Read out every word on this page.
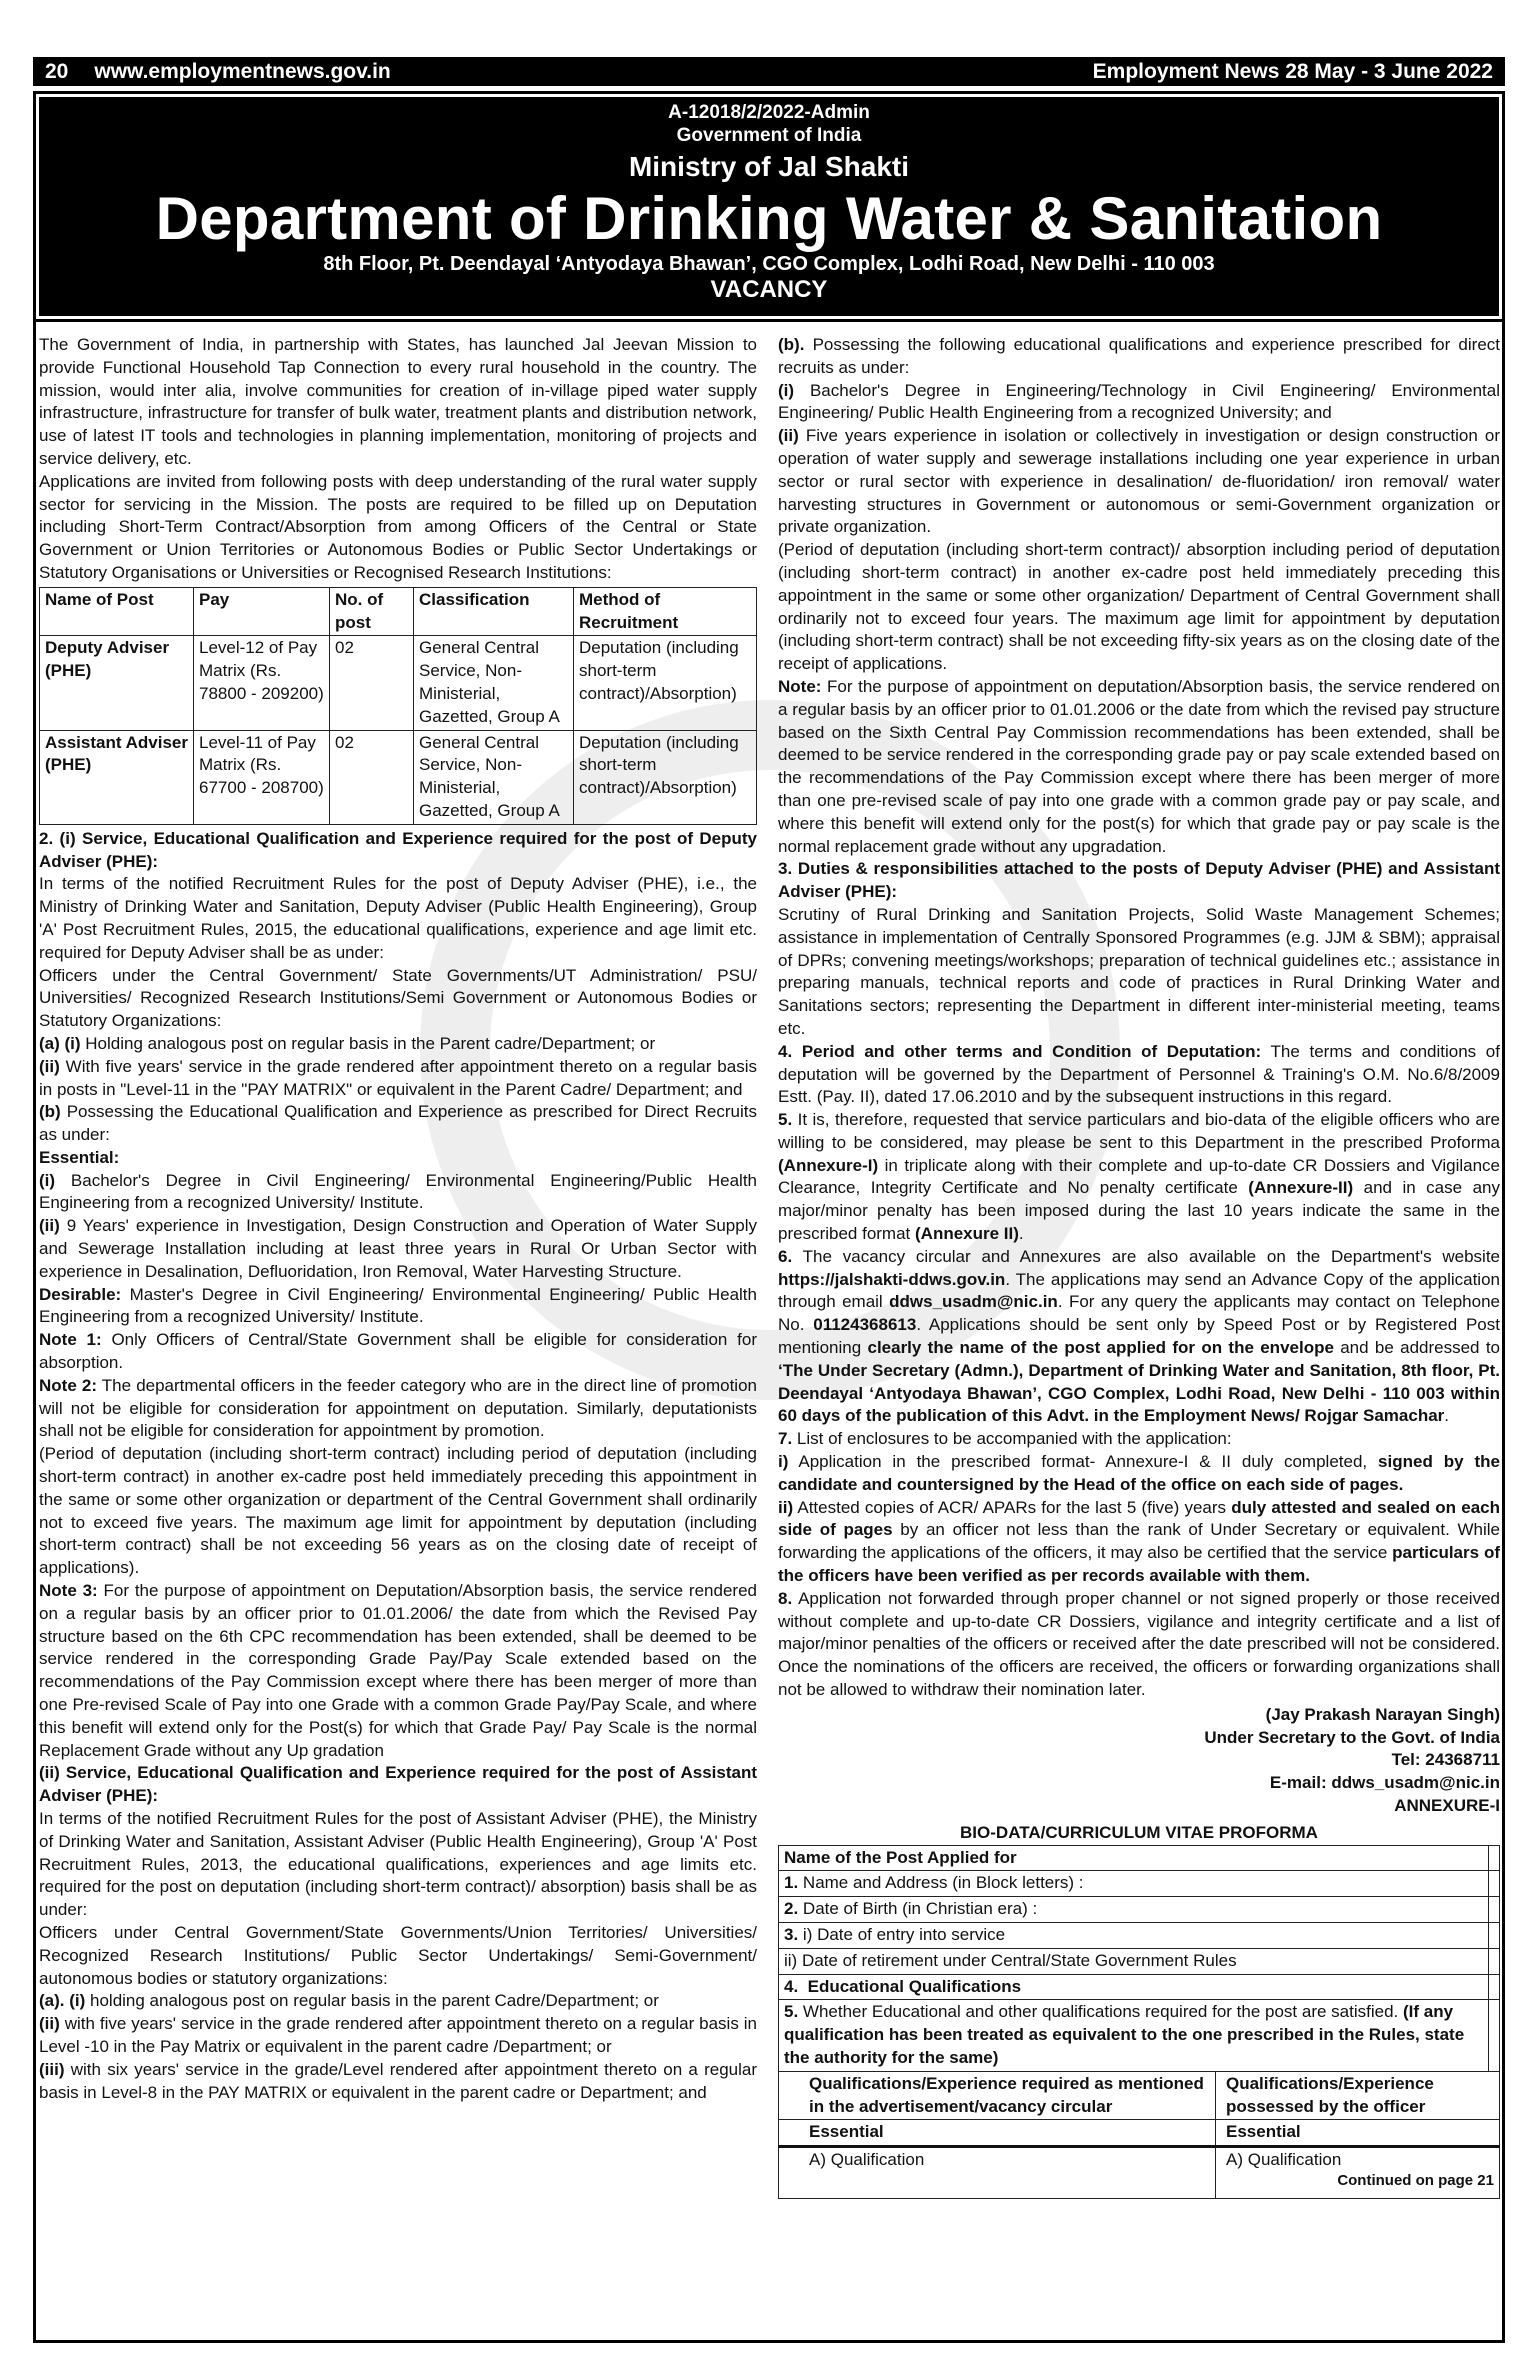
20 www.employmentnews.gov.in	Employment News 28 May - 3 June 2022
A-12018/2/2022-Admin
Government of India
Ministry of Jal Shakti
Department of Drinking Water & Sanitation
8th Floor, Pt. Deendayal ‘Antyodaya Bhawan’, CGO Complex, Lodhi Road, New Delhi - 110 003
VACANCY

The Government of India, in partnership with States, has launched Jal Jeevan Mission to provide Functional Household Tap Connection to every rural household in the country. The mission, would inter alia, involve communities for creation of in-village piped water supply infrastructure, infrastructure for transfer of bulk water, treatment plants and distribution network, use of latest IT tools and technologies in planning implementation, monitoring of projects and service delivery, etc.

Applications are invited from following posts with deep understanding of the rural water supply sector for servicing in the Mission. The posts are required to be filled up on Deputation including Short-Term Contract/Absorption from among Officers of the Central or State Government or Union Territories or Autonomous Bodies or Public Sector Undertakings or Statutory Organisations or Universities or Recognised Research Institutions:

Name of Post	Pay	No. of post	Classification	Method of Recruitment
Deputy Adviser (PHE)	Level-12 of Pay Matrix (Rs. 78800 - 209200)	02	General Central Service, Non-Ministerial, Gazetted, Group A	Deputation (including short-term contract)/Absorption)
Assistant Adviser (PHE)	Level-11 of Pay Matrix (Rs. 67700 - 208700)	02	General Central Service, Non-Ministerial, Gazetted, Group A	Deputation (including short-term contract)/Absorption)

2. (i) Service, Educational Qualification and Experience required for the post of Deputy Adviser (PHE):

In terms of the notified Recruitment Rules for the post of Deputy Adviser (PHE), i.e., the Ministry of Drinking Water and Sanitation, Deputy Adviser (Public Health Engineering), Group 'A' Post Recruitment Rules, 2015, the educational qualifications, experience and age limit etc. required for Deputy Adviser shall be as under:

Officers under the Central Government/ State Governments/UT Administration/ PSU/ Universities/ Recognized Research Institutions/Semi Government or Autonomous Bodies or Statutory Organizations:

(a) (i) Holding analogous post on regular basis in the Parent cadre/Department; or

(ii) With five years' service in the grade rendered after appointment thereto on a regular basis in posts in "Level-11 in the "PAY MATRIX" or equivalent in the Parent Cadre/ Department; and

(b) Possessing the Educational Qualification and Experience as prescribed for Direct Recruits as under:

Essential:

(i) Bachelor's Degree in Civil Engineering/ Environmental Engineering/Public Health Engineering from a recognized University/ Institute.

(ii) 9 Years' experience in Investigation, Design Construction and Operation of Water Supply and Sewerage Installation including at least three years in Rural Or Urban Sector with experience in Desalination, Defluoridation, Iron Removal, Water Harvesting Structure.

Desirable: Master's Degree in Civil Engineering/ Environmental Engineering/ Public Health Engineering from a recognized University/ Institute.

Note 1: Only Officers of Central/State Government shall be eligible for consideration for absorption.

Note 2: The departmental officers in the feeder category who are in the direct line of promotion will not be eligible for consideration for appointment on deputation. Similarly, deputationists shall not be eligible for consideration for appointment by promotion.

(Period of deputation (including short-term contract) including period of deputation (including short-term contract) in another ex-cadre post held immediately preceding this appointment in the same or some other organization or department of the Central Government shall ordinarily not to exceed five years. The maximum age limit for appointment by deputation (including short-term contract) shall be not exceeding 56 years as on the closing date of receipt of applications).

Note 3: For the purpose of appointment on Deputation/Absorption basis, the service rendered on a regular basis by an officer prior to 01.01.2006/ the date from which the Revised Pay structure based on the 6th CPC recommendation has been extended, shall be deemed to be service rendered in the corresponding Grade Pay/Pay Scale extended based on the recommendations of the Pay Commission except where there has been merger of more than one Pre-revised Scale of Pay into one Grade with a common Grade Pay/Pay Scale, and where this benefit will extend only for the Post(s) for which that Grade Pay/ Pay Scale is the normal Replacement Grade without any Up gradation

(ii) Service, Educational Qualification and Experience required for the post of Assistant Adviser (PHE):

In terms of the notified Recruitment Rules for the post of Assistant Adviser (PHE), the Ministry of Drinking Water and Sanitation, Assistant Adviser (Public Health Engineering), Group 'A' Post Recruitment Rules, 2013, the educational qualifications, experiences and age limits etc. required for the post on deputation (including short-term contract)/ absorption) basis shall be as under:

Officers under Central Government/State Governments/Union Territories/ Universities/ Recognized Research Institutions/ Public Sector Undertakings/ Semi-Government/ autonomous bodies or statutory organizations:

(a). (i) holding analogous post on regular basis in the parent Cadre/Department; or

(ii) with five years' service in the grade rendered after appointment thereto on a regular basis in Level -10 in the Pay Matrix or equivalent in the parent cadre /Department; or

(iii) with six years' service in the grade/Level rendered after appointment thereto on a regular basis in Level-8 in the PAY MATRIX or equivalent in the parent cadre or Department; and

(b). Possessing the following educational qualifications and experience prescribed for direct recruits as under:

(i) Bachelor's Degree in Engineering/Technology in Civil Engineering/ Environmental Engineering/ Public Health Engineering from a recognized University; and

(ii) Five years experience in isolation or collectively in investigation or design construction or operation of water supply and sewerage installations including one year experience in urban sector or rural sector with experience in desalination/ de-fluoridation/ iron removal/ water harvesting structures in Government or autonomous or semi-Government organization or private organization.

(Period of deputation (including short-term contract)/ absorption including period of deputation (including short-term contract) in another ex-cadre post held immediately preceding this appointment in the same or some other organization/ Department of Central Government shall ordinarily not to exceed four years. The maximum age limit for appointment by deputation (including short-term contract) shall be not exceeding fifty-six years as on the closing date of the receipt of applications.

Note: For the purpose of appointment on deputation/Absorption basis, the service rendered on a regular basis by an officer prior to 01.01.2006 or the date from which the revised pay structure based on the Sixth Central Pay Commission recommendations has been extended, shall be deemed to be service rendered in the corresponding grade pay or pay scale extended based on the recommendations of the Pay Commission except where there has been merger of more than one pre-revised scale of pay into one grade with a common grade pay or pay scale, and where this benefit will extend only for the post(s) for which that grade pay or pay scale is the normal replacement grade without any upgradation.

3. Duties & responsibilities attached to the posts of Deputy Adviser (PHE) and Assistant Adviser (PHE):

Scrutiny of Rural Drinking and Sanitation Projects, Solid Waste Management Schemes; assistance in implementation of Centrally Sponsored Programmes (e.g. JJM & SBM); appraisal of DPRs; convening meetings/workshops; preparation of technical guidelines etc.; assistance in preparing manuals, technical reports and code of practices in Rural Drinking Water and Sanitations sectors; representing the Department in different inter-ministerial meeting, teams etc.

4. Period and other terms and Condition of Deputation: The terms and conditions of deputation will be governed by the Department of Personnel & Training's O.M. No.6/8/2009 Estt. (Pay. II), dated 17.06.2010 and by the subsequent instructions in this regard.

5. It is, therefore, requested that service particulars and bio-data of the eligible officers who are willing to be considered, may please be sent to this Department in the prescribed Proforma (Annexure-I) in triplicate along with their complete and up-to-date CR Dossiers and Vigilance Clearance, Integrity Certificate and No penalty certificate (Annexure-II) and in case any major/minor penalty has been imposed during the last 10 years indicate the same in the prescribed format (Annexure II).

6. The vacancy circular and Annexures are also available on the Department's website https://jalshakti-ddws.gov.in. The applications may send an Advance Copy of the application through email ddws_usadm@nic.in. For any query the applicants may contact on Telephone No. 01124368613. Applications should be sent only by Speed Post or by Registered Post mentioning clearly the name of the post applied for on the envelope and be addressed to ‘The Under Secretary (Admn.), Department of Drinking Water and Sanitation, 8th floor, Pt. Deendayal ‘Antyodaya Bhawan’, CGO Complex, Lodhi Road, New Delhi - 110 003 within 60 days of the publication of this Advt. in the Employment News/ Rojgar Samachar.

7. List of enclosures to be accompanied with the application:

i) Application in the prescribed format- Annexure-I & II duly completed, signed by the candidate and countersigned by the Head of the office on each side of pages.

ii) Attested copies of ACR/ APARs for the last 5 (five) years duly attested and sealed on each side of pages by an officer not less than the rank of Under Secretary or equivalent. While forwarding the applications of the officers, it may also be certified that the service particulars of the officers have been verified as per records available with them.

8. Application not forwarded through proper channel or not signed properly or those received without complete and up-to-date CR Dossiers, vigilance and integrity certificate and a list of major/minor penalties of the officers or received after the date prescribed will not be considered. Once the nominations of the officers are received, the officers or forwarding organizations shall not be allowed to withdraw their nomination later.

(Jay Prakash Narayan Singh)
Under Secretary to the Govt. of India
Tel: 24368711
E-mail: ddws_usadm@nic.in
ANNEXURE-I
BIO-DATA/CURRICULUM VITAE PROFORMA
Name of the Post Applied for		
1. Name and Address (in Block letters) :		
2. Date of Birth (in Christian era) :		
3. i) Date of entry into service		
ii) Date of retirement under Central/State Government Rules		
4.  Educational Qualifications		
5. Whether Educational and other qualifications required for the post are satisfied. (If any qualification has been treated as equivalent to the one prescribed in the Rules, state the authority for the same)		
Qualifications/Experience required as mentioned in the advertisement/vacancy circular	Qualifications/Experience possessed by the officer	
Essential	Essential	
A) Qualification	A) Qualification
Continued on page 21	
